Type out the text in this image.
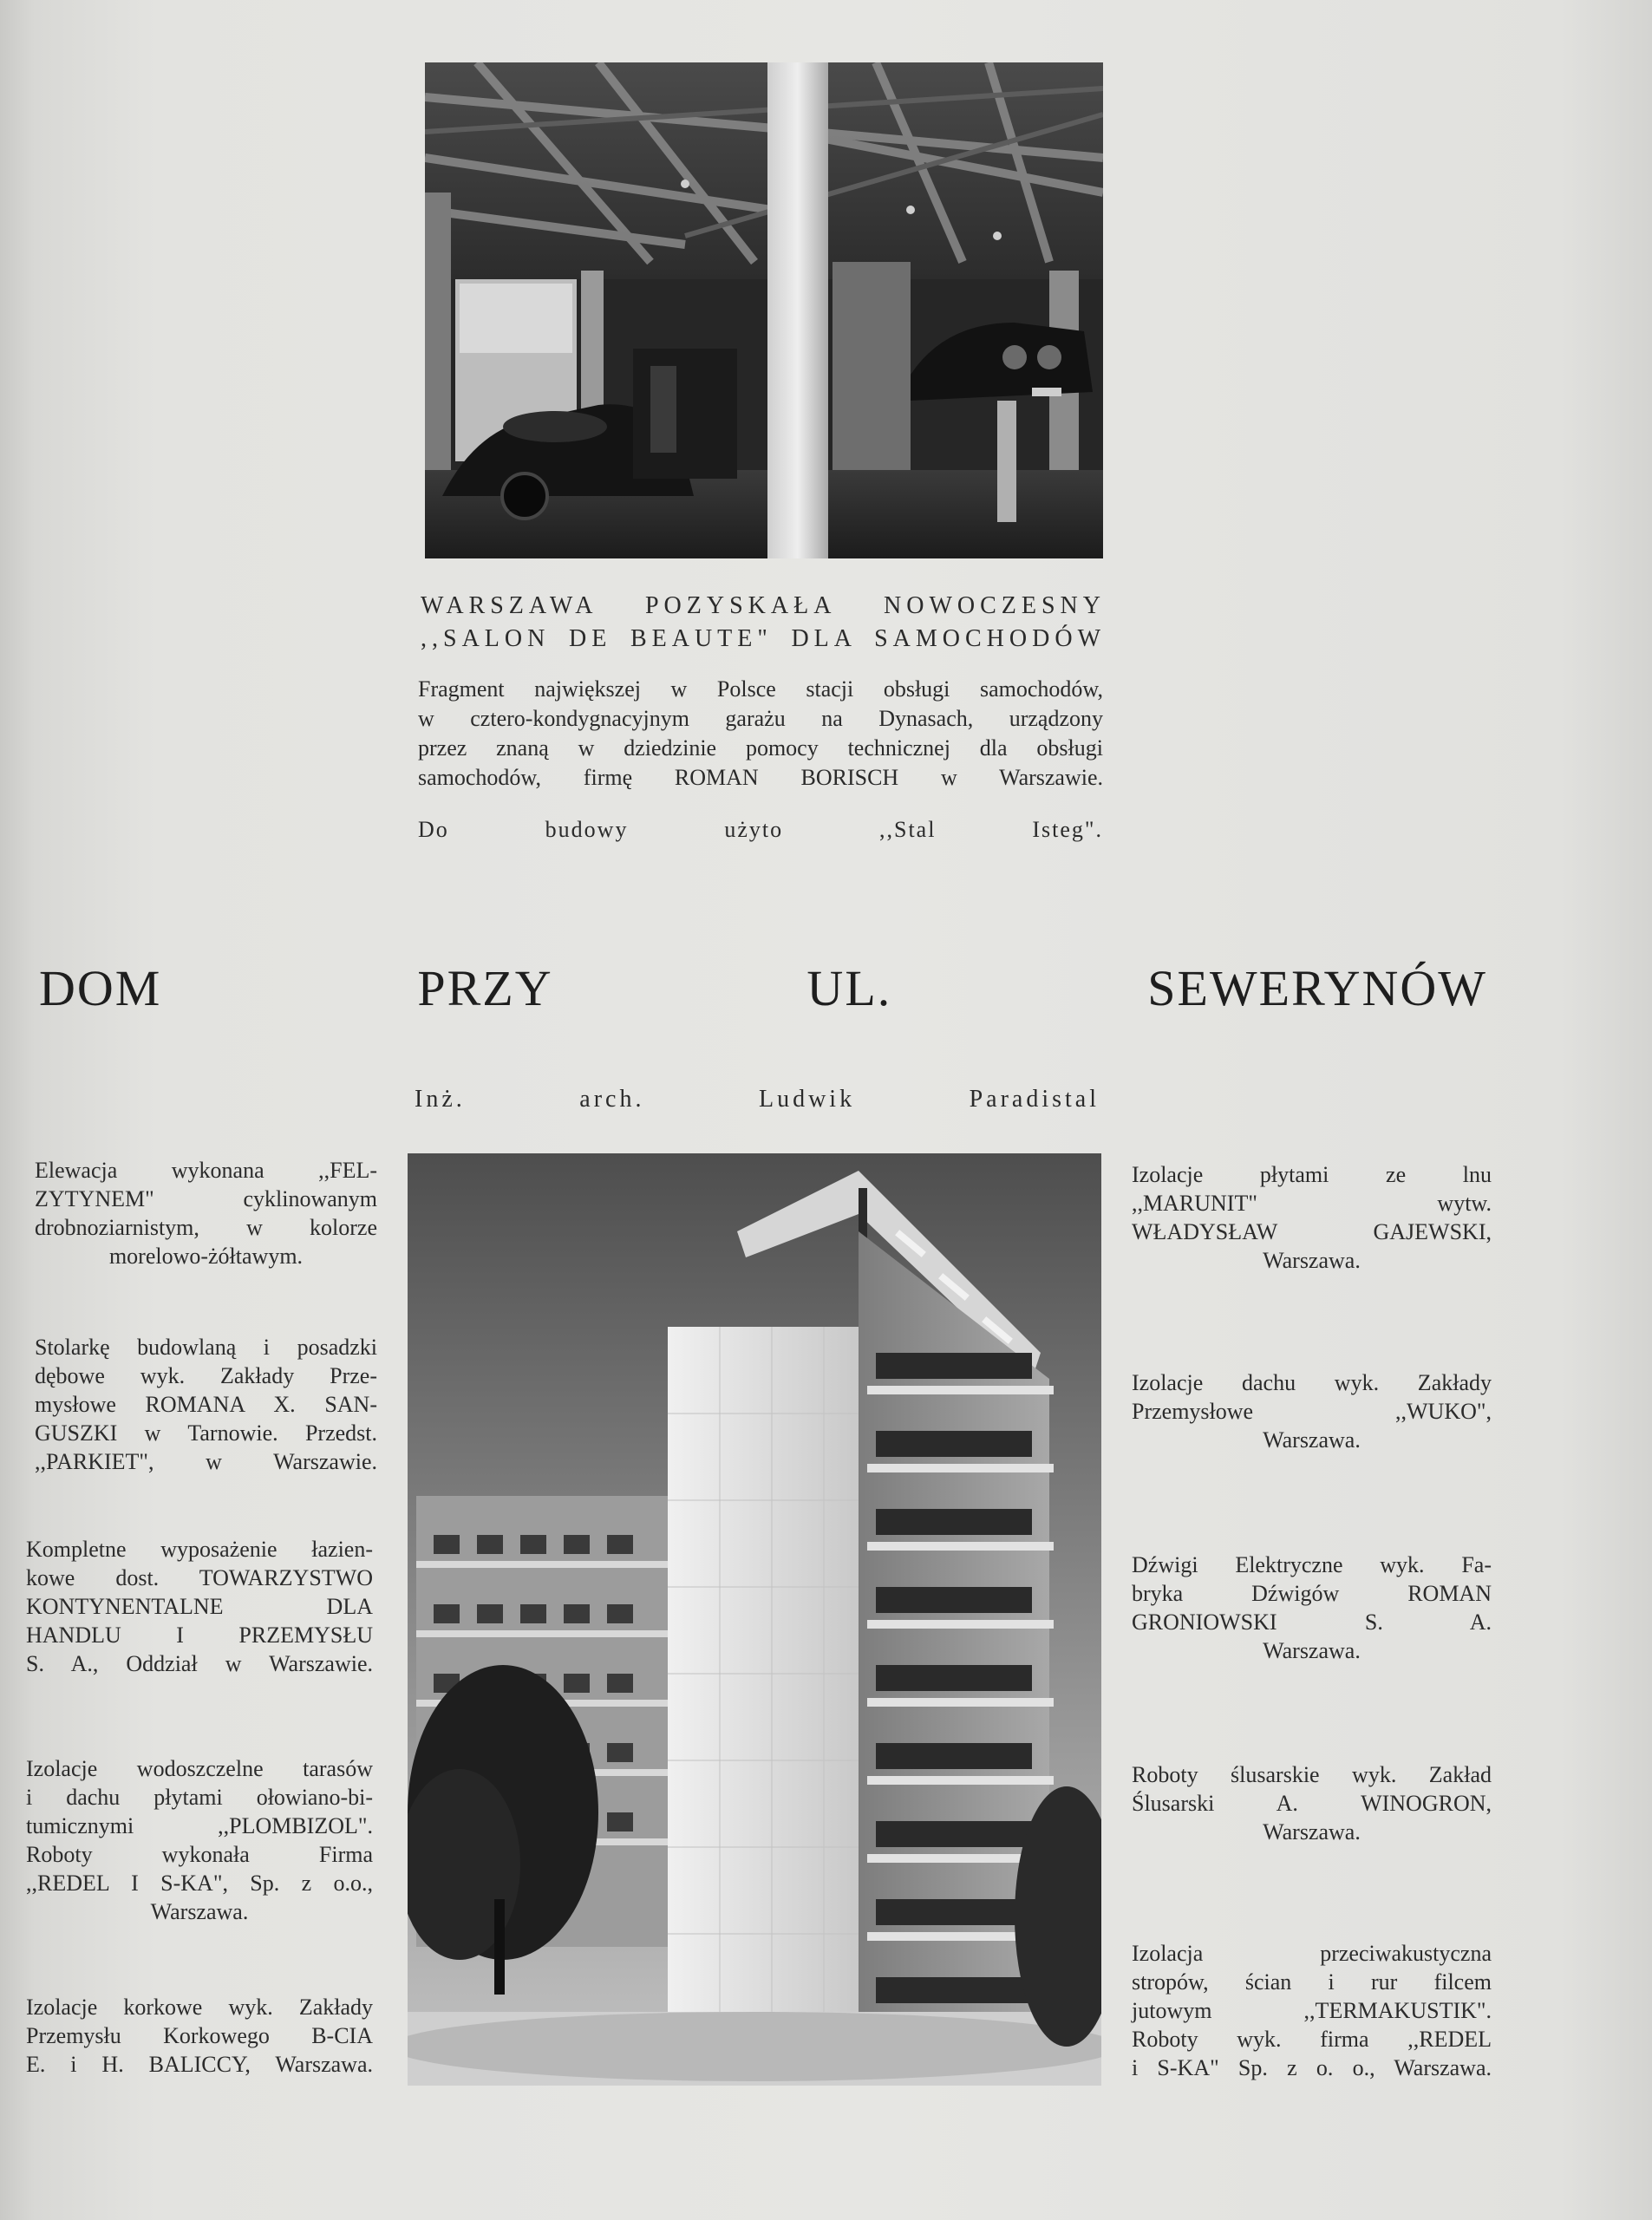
WARSZAWA POZYSKAŁA NOWOCZESNY
,,SALON DE BEAUTE" DLA SAMOCHODÓW
Fragment największej w Polsce stacji obsługi samochodów,
w cztero-kondygnacyjnym garażu na Dynasach, urządzony
przez znaną w dziedzinie pomocy technicznej dla obsługi
samochodów, firmę ROMAN BORISCH w Warszawie.
Do budowy użyto ,,Stal Isteg".
DOM PRZY UL. SEWERYNÓW
Inż. arch. Ludwik Paradistal
Elewacja wykonana ,,FEL-
ZYTYNEM" cyklinowanym
drobnoziarnistym, w kolorze
morelowo-żółtawym.
Stolarkę budowlaną i posadzki
dębowe wyk. Zakłady Prze-
mysłowe ROMANA X. SAN-
GUSZKI w Tarnowie. Przedst.
,,PARKIET", w Warszawie.
Kompletne wyposażenie łazien-
kowe dost. TOWARZYSTWO
KONTYNENTALNE DLA
HANDLU I PRZEMYSŁU
S. A., Oddział w Warszawie.
Izolacje wodoszczelne tarasów
i dachu płytami ołowiano-bi-
tumicznymi ,,PLOMBIZOL".
Roboty wykonała Firma
,,REDEL I S-KA", Sp. z o.o.,
Warszawa.
Izolacje korkowe wyk. Zakłady
Przemysłu Korkowego B-CIA
E. i H. BALICCY, Warszawa.
Izolacje płytami ze lnu
,,MARUNIT" wytw.
WŁADYSŁAW GAJEWSKI,
Warszawa.
Izolacje dachu wyk. Zakłady
Przemysłowe ,,WUKO",
Warszawa.
Dźwigi Elektryczne wyk. Fa-
bryka Dźwigów ROMAN
GRONIOWSKI S. A.
Warszawa.
Roboty ślusarskie wyk. Zakład
Ślusarski A. WINOGRON,
Warszawa.
Izolacja przeciwakustyczna
stropów, ścian i rur filcem
jutowym ,,TERMAKUSTIK".
Roboty wyk. firma ,,REDEL
i S-KA" Sp. z o. o., Warszawa.
